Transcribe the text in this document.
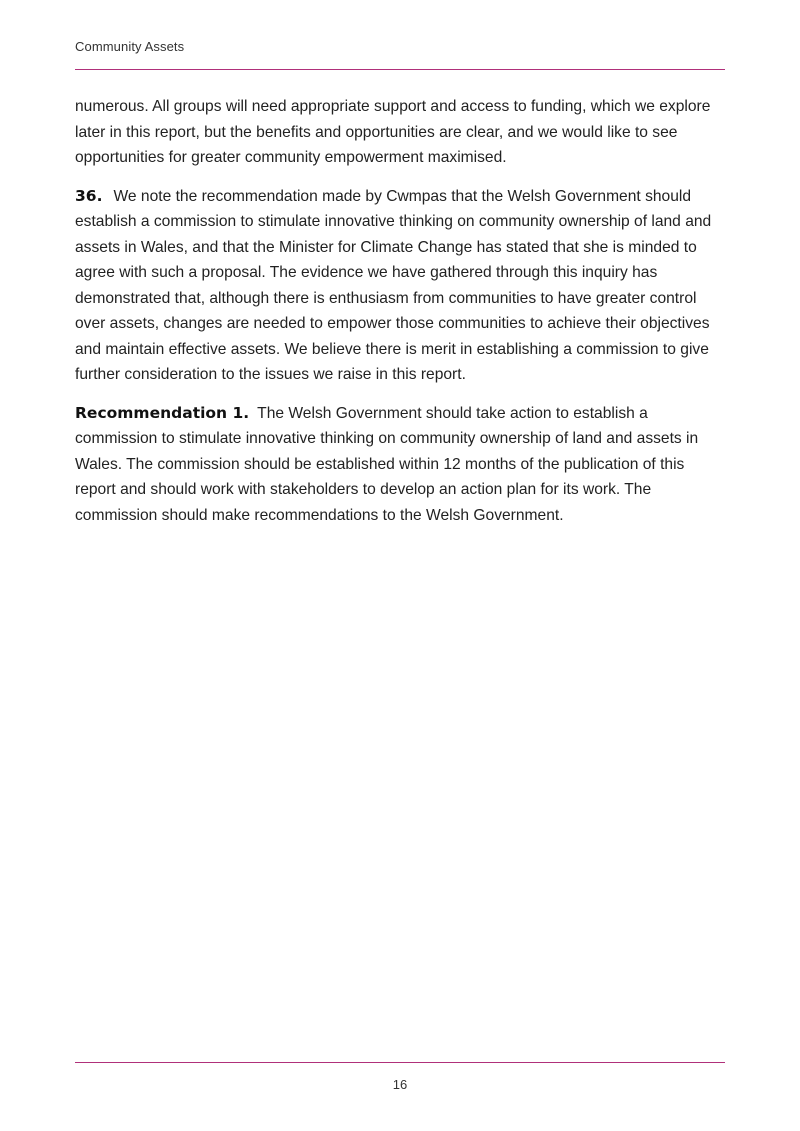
Community Assets

numerous. All groups will need appropriate support and access to funding, which we explore later in this report, but the benefits and opportunities are clear, and we would like to see opportunities for greater community empowerment maximised.

36. We note the recommendation made by Cwmpas that the Welsh Government should establish a commission to stimulate innovative thinking on community ownership of land and assets in Wales, and that the Minister for Climate Change has stated that she is minded to agree with such a proposal. The evidence we have gathered through this inquiry has demonstrated that, although there is enthusiasm from communities to have greater control over assets, changes are needed to empower those communities to achieve their objectives and maintain effective assets. We believe there is merit in establishing a commission to give further consideration to the issues we raise in this report.

Recommendation 1. The Welsh Government should take action to establish a commission to stimulate innovative thinking on community ownership of land and assets in Wales. The commission should be established within 12 months of the publication of this report and should work with stakeholders to develop an action plan for its work. The commission should make recommendations to the Welsh Government.

16
